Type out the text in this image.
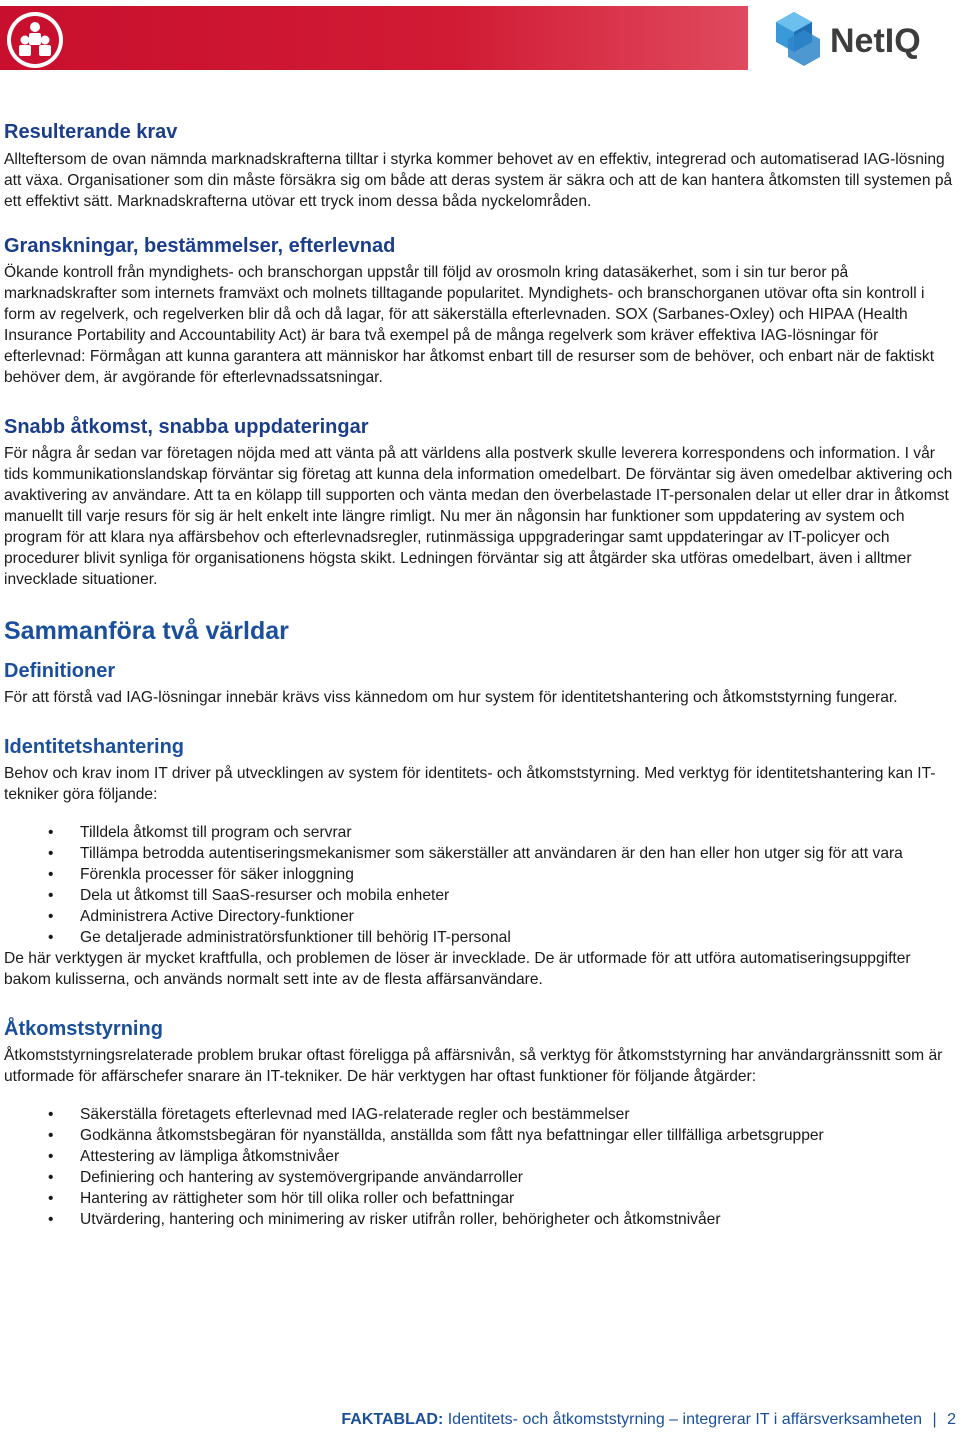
NetIQ
Resulterande krav

Allteftersom de ovan nämnda marknadskrafterna tilltar i styrka kommer behovet av en effektiv, integrerad och automatiserad IAG-lösning att växa. Organisationer som din måste försäkra sig om både att deras system är säkra och att de kan hantera åtkomsten till systemen på ett effektivt sätt. Marknadskrafterna utövar ett tryck inom dessa båda nyckelområden.

Granskningar, bestämmelser, efterlevnad

Ökande kontroll från myndighets- och branschorgan uppstår till följd av orosmoln kring datasäkerhet, som i sin tur beror på marknadskrafter som internets framväxt och molnets tilltagande popularitet. Myndighets- och branschorganen utövar ofta sin kontroll i form av regelverk, och regelverken blir då och då lagar, för att säkerställa efterlevnaden. SOX (Sarbanes-Oxley) och HIPAA (Health Insurance Portability and Accountability Act) är bara två exempel på de många regelverk som kräver effektiva IAG-lösningar för efterlevnad: Förmågan att kunna garantera att människor har åtkomst enbart till de resurser som de behöver, och enbart när de faktiskt behöver dem, är avgörande för efterlevnadssatsningar.

Snabb åtkomst, snabba uppdateringar

För några år sedan var företagen nöjda med att vänta på att världens alla postverk skulle leverera korrespondens och information. I vår tids kommunikationslandskap förväntar sig företag att kunna dela information omedelbart. De förväntar sig även omedelbar aktivering och avaktivering av användare. Att ta en kölapp till supporten och vänta medan den överbelastade IT-personalen delar ut eller drar in åtkomst manuellt till varje resurs för sig är helt enkelt inte längre rimligt. Nu mer än någonsin har funktioner som uppdatering av system och program för att klara nya affärsbehov och efterlevnadsregler, rutinmässiga uppgraderingar samt uppdateringar av IT-policyer och procedurer blivit synliga för organisationens högsta skikt. Ledningen förväntar sig att åtgärder ska utföras omedelbart, även i alltmer invecklade situationer.

Sammanföra två världar
Definitioner

För att förstå vad IAG-lösningar innebär krävs viss kännedom om hur system för identitetshantering och åtkomststyrning fungerar.

Identitetshantering

Behov och krav inom IT driver på utvecklingen av system för identitets- och åtkomststyrning. Med verktyg för identitetshantering kan IT-tekniker göra följande:

• Tilldela åtkomst till program och servrar
• Tillämpa betrodda autentiseringsmekanismer som säkerställer att användaren är den han eller hon utger sig för att vara
• Förenkla processer för säker inloggning
• Dela ut åtkomst till SaaS-resurser och mobila enheter
• Administrera Active Directory-funktioner
• Ge detaljerade administratörsfunktioner till behörig IT-personal

De här verktygen är mycket kraftfulla, och problemen de löser är invecklade. De är utformade för att utföra automatiseringsuppgifter bakom kulisserna, och används normalt sett inte av de flesta affärsanvändare.

Åtkomststyrning

Åtkomststyrningsrelaterade problem brukar oftast föreligga på affärsnivån, så verktyg för åtkomststyrning har användargränssnitt som är utformade för affärschefer snarare än IT-tekniker. De här verktygen har oftast funktioner för följande åtgärder:

• Säkerställa företagets efterlevnad med IAG-relaterade regler och bestämmelser
• Godkänna åtkomstsbegäran för nyanställda, anställda som fått nya befattningar eller tillfälliga arbetsgrupper
• Attestering av lämpliga åtkomstnivåer
• Definiering och hantering av systemövergripande användarroller
• Hantering av rättigheter som hör till olika roller och befattningar
• Utvärdering, hantering och minimering av risker utifrån roller, behörigheter och åtkomstnivåer
FAKTABLAD: Identitets- och åtkomststyrning – integrerar IT i affärsverksamheten | 2
